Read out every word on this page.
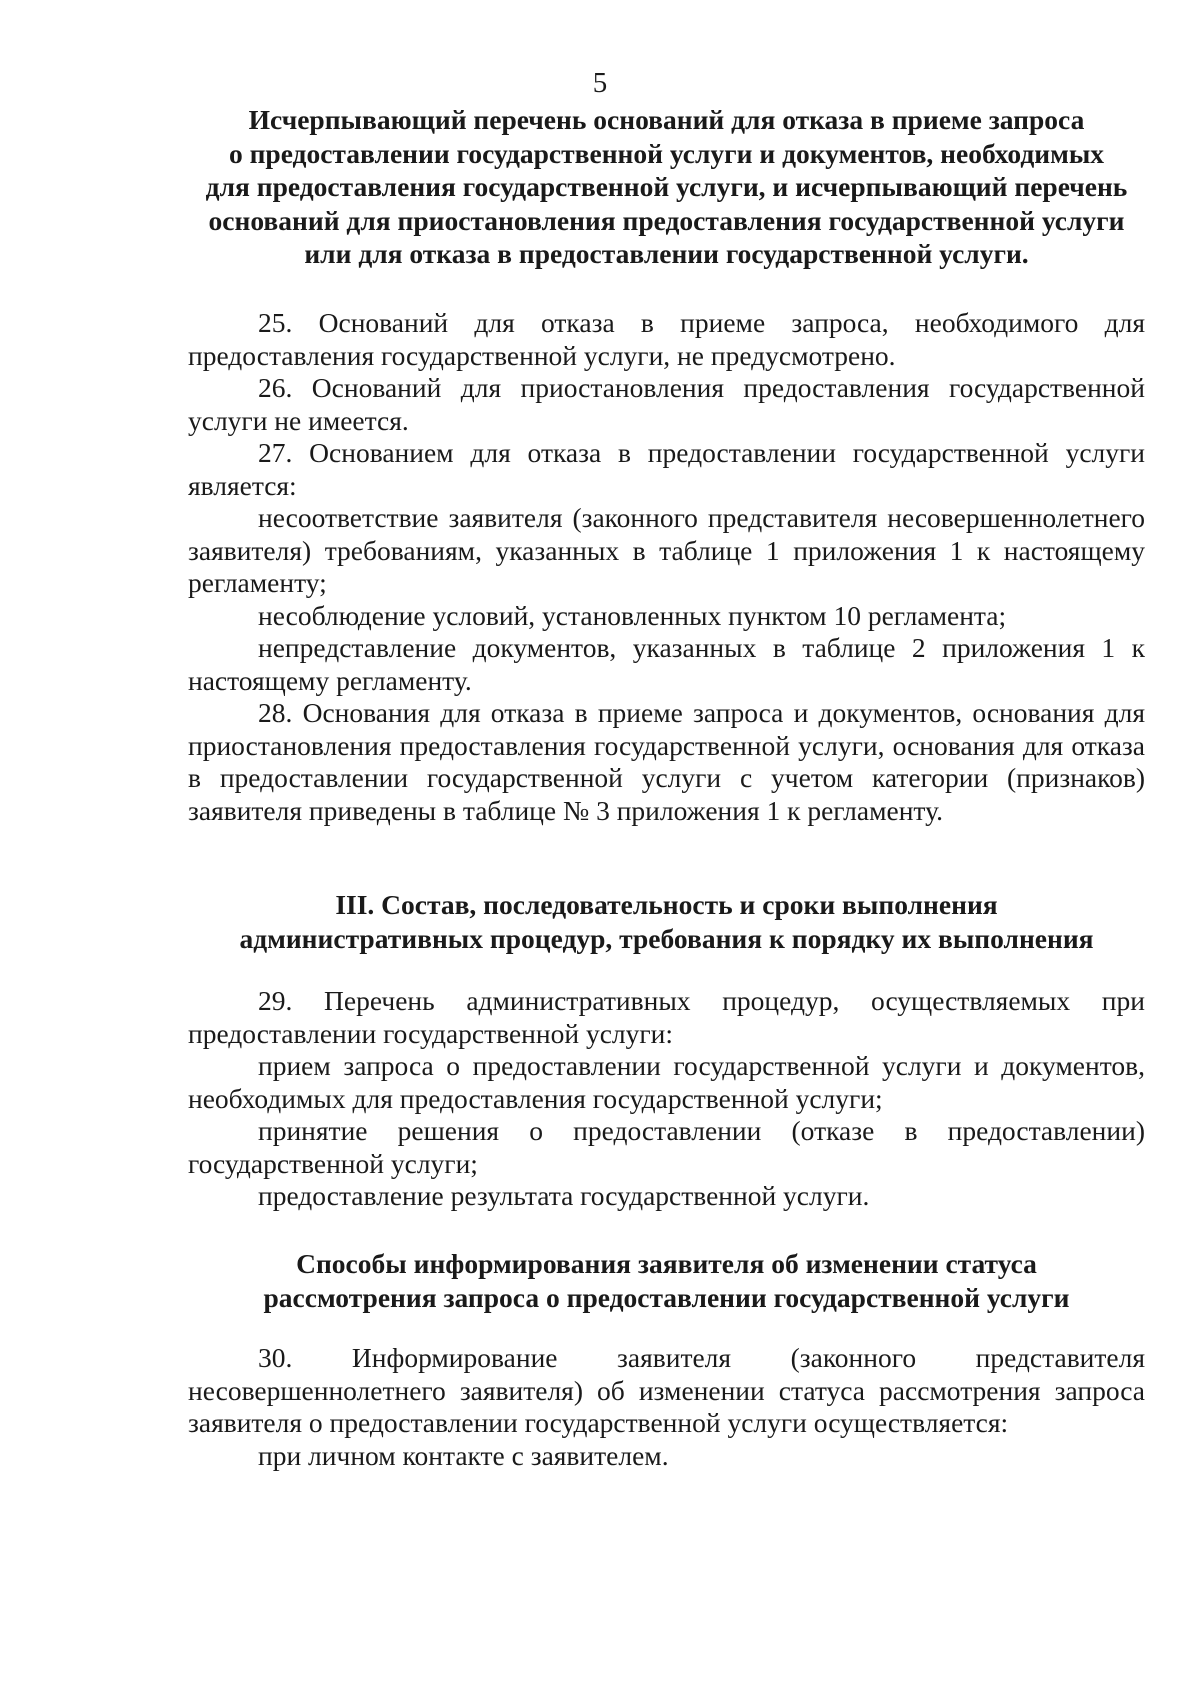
5
Исчерпывающий перечень оснований для отказа в приеме запроса
о предоставлении государственной услуги и документов, необходимых
для предоставления государственной услуги, и исчерпывающий перечень
оснований для приостановления предоставления государственной услуги
или для отказа в предоставлении государственной услуги.

25. Оснований для отказа в приеме запроса, необходимого для предоставления государственной услуги, не предусмотрено.

26. Оснований для приостановления предоставления государственной услуги не имеется.

27. Основанием для отказа в предоставлении государственной услуги является:

несоответствие заявителя (законного представителя несовершеннолетнего заявителя) требованиям, указанных в таблице 1 приложения 1 к настоящему регламенту;

несоблюдение условий, установленных пунктом 10 регламента;

непредставление документов, указанных в таблице 2 приложения 1 к настоящему регламенту.

28. Основания для отказа в приеме запроса и документов, основания для приостановления предоставления государственной услуги, основания для отказа в предоставлении государственной услуги с учетом категории (признаков) заявителя приведены в таблице № 3 приложения 1 к регламенту.

III. Состав, последовательность и сроки выполнения
административных процедур, требования к порядку их выполнения

29. Перечень административных процедур, осуществляемых при предоставлении государственной услуги:

прием запроса о предоставлении государственной услуги и документов, необходимых для предоставления государственной услуги;

принятие решения о предоставлении (отказе в предоставлении) государственной услуги;

предоставление результата государственной услуги.

Способы информирования заявителя об изменении статуса
рассмотрения запроса о предоставлении государственной услуги

30. Информирование заявителя (законного представителя несовершеннолетнего заявителя) об изменении статуса рассмотрения запроса заявителя о предоставлении государственной услуги осуществляется:

при личном контакте с заявителем.
